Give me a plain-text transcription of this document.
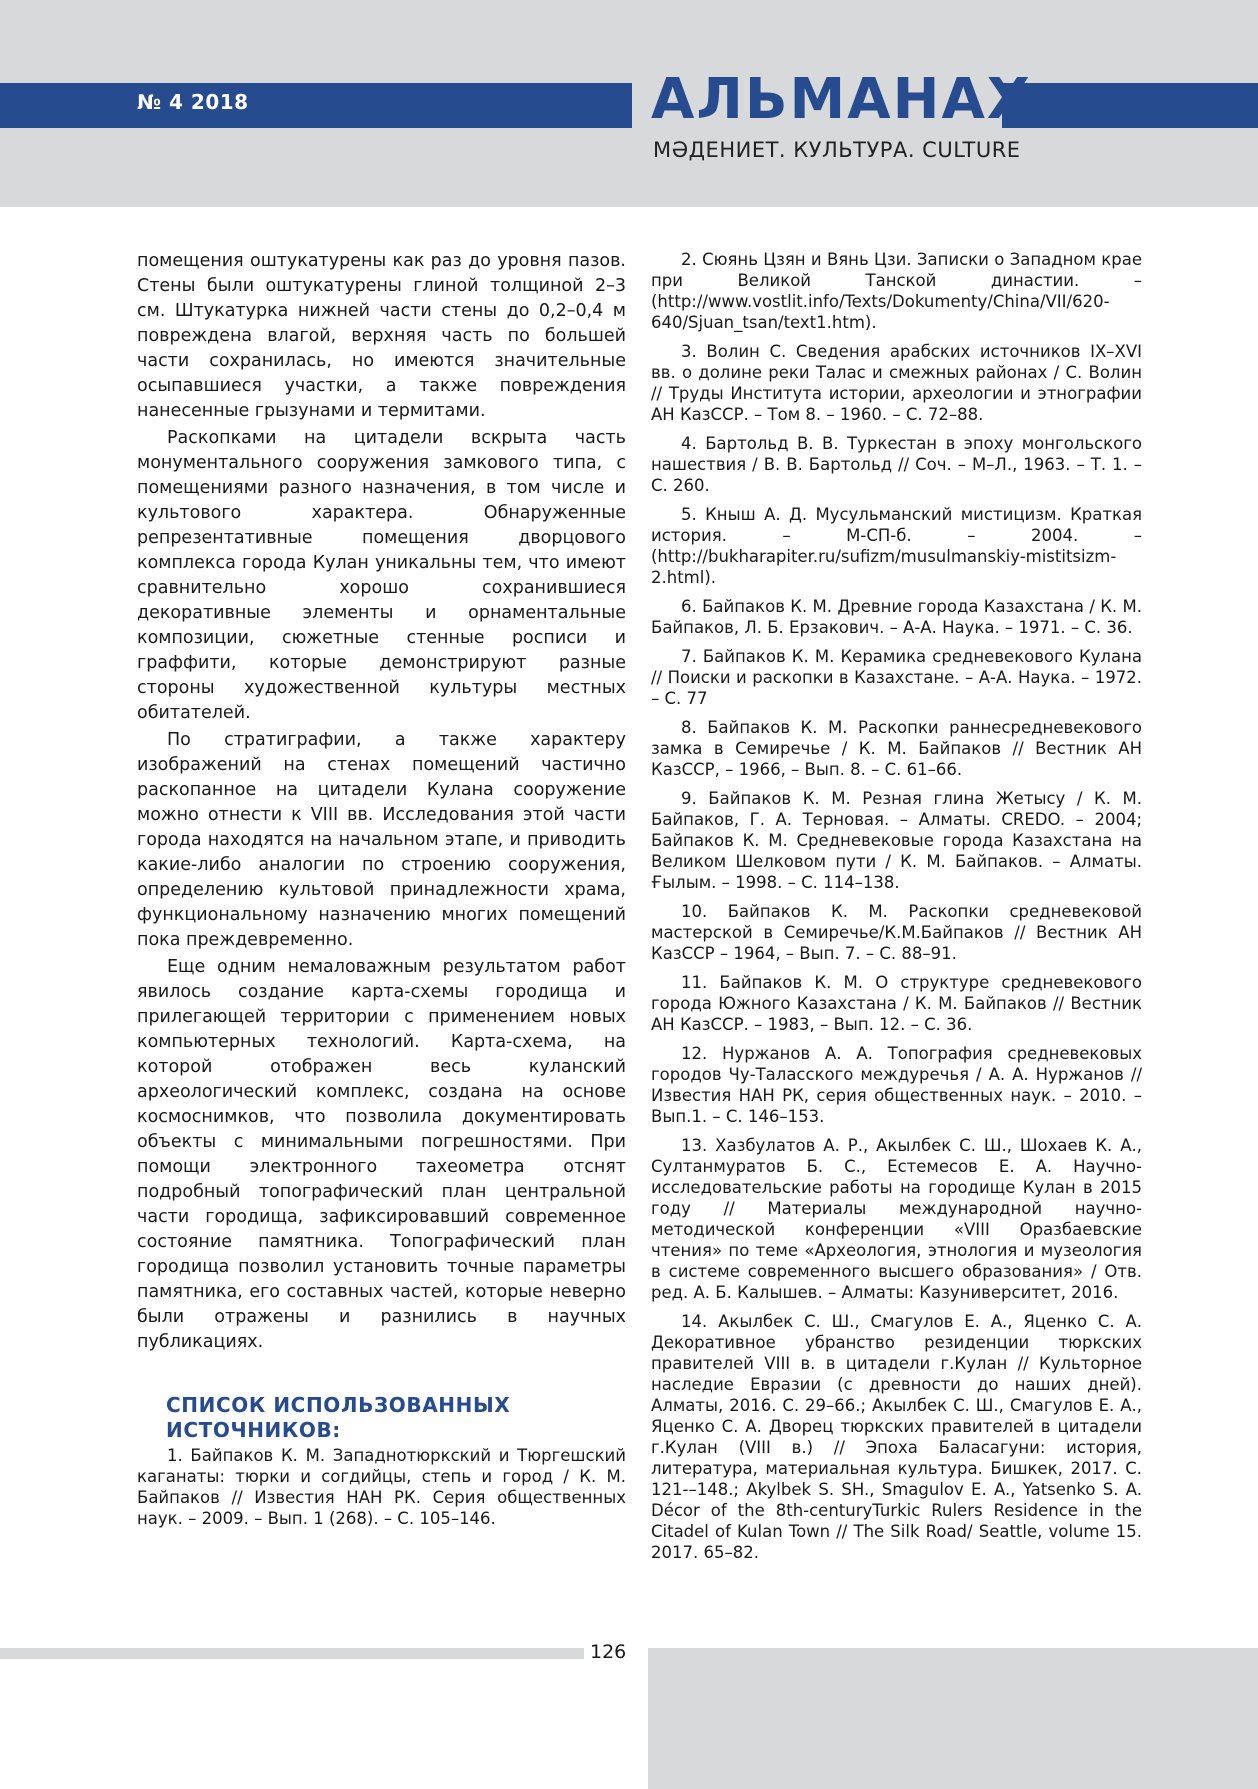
№ 4 2018	АЛЬМАНАХ
МӘДЕНИЕТ. КУЛЬТУРА. CULTURE

помещения оштукатурены как раз до уровня пазов. Стены были оштукатурены глиной толщиной 2–3 см. Штукатурка нижней части стены до 0,2–0,4 м повреждена влагой, верхняя часть по большей части сохранилась, но имеются значительные осыпавшиеся участки, а также повреждения нанесенные грызунами и термитами.

Раскопками на цитадели вскрыта часть монументального сооружения замкового типа, с помещениями разного назначения, в том числе и культового характера. Обнаруженные репрезентативные помещения дворцового комплекса города Кулан уникальны тем, что имеют сравнительно хорошо сохранившиеся декоративные элементы и орнаментальные композиции, сюжетные стенные росписи и граффити, которые демонстрируют разные стороны художественной культуры местных обитателей.

По стратиграфии, а также характеру изображений на стенах помещений частично раскопанное на цитадели Кулана сооружение можно отнести к VIII вв. Исследования этой части города находятся на начальном этапе, и приводить какие-либо аналогии по строению сооружения, определению культовой принадлежности храма, функциональному назначению многих помещений пока преждевременно.

Еще одним немаловажным результатом работ явилось создание карта-схемы городища и прилегающей территории с применением новых компьютерных технологий. Карта-схема, на которой отображен весь куланский археологический комплекс, создана на основе космоснимков, что позволила документировать объекты с минимальными погрешностями. При помощи электронного тахеометра отснят подробный топографический план центральной части городища, зафиксировавший современное состояние памятника. Топографический план городища позволил установить точные параметры памятника, его составных частей, которые неверно были отражены и разнились в научных публикациях.

СПИСОК ИСПОЛЬЗОВАННЫХ
ИСТОЧНИКОВ:

1. Байпаков К. М. Западнотюркский и Тюргешский каганаты: тюрки и согдийцы, степь и город / К. М. Байпаков // Известия НАН РК. Серия общественных наук. – 2009. – Вып. 1 (268). – С. 105–146.

2. Сюянь Цзян и Вянь Цзи. Записки о Западном крае при Великой Танской династии. – (http://www.vostlit.info/Texts/Dokumenty/China/VII/620-640/Sjuan_tsan/text1.htm).

3. Волин С. Сведения арабских источников IX–XVI вв. о долине реки Талас и смежных районах / С. Волин // Труды Института истории, археологии и этнографии АН КазССР. – Том 8. – 1960. – С. 72–88.

4. Бартольд В. В. Туркестан в эпоху монгольского нашествия / В. В. Бартольд // Соч. – М–Л., 1963. – Т. 1. – С. 260.

5. Кныш А. Д. Мусульманский мистицизм. Краткая история. – М-СП-б. – 2004. – (http://bukharapiter.ru/sufizm/musulmanskiy-mistitsizm-2.html).

6. Байпаков К. М. Древние города Казахстана / К. М. Байпаков, Л. Б. Ерзакович. – А-А. Наука. – 1971. – С. 36.

7. Байпаков К. М. Керамика средневекового Кулана // Поиски и раскопки в Казахстане. – А-А. Наука. – 1972. – С. 77

8. Байпаков К. М. Раскопки раннесредневекового замка в Семиречье / К. М. Байпаков // Вестник АН КазССР, – 1966, – Вып. 8. – С. 61–66.

9. Байпаков К. М. Резная глина Жетысу / К. М. Байпаков, Г. А. Терновая. – Алматы. CREDO. – 2004; Байпаков К. М. Средневековые города Казахстана на Великом Шелковом пути / К. М. Байпаков. – Алматы. Ғылым. – 1998. – С. 114–138.

10. Байпаков К. М. Раскопки средневековой мастерской в Семиречье/К.М.Байпаков // Вестник АН КазССР – 1964, – Вып. 7. – С. 88–91.

11. Байпаков К. М. О структуре средневекового города Южного Казахстана / К. М. Байпаков // Вестник АН КазССР. – 1983, – Вып. 12. – С. 36.

12. Нуржанов А. А. Топография средневековых городов Чу-Таласского междуречья / А. А. Нуржанов // Известия НАН РК, серия общественных наук. – 2010. – Вып.1. – С. 146–153.

13. Хазбулатов А. Р., Акылбек С. Ш., Шохаев К. А., Султанмуратов Б. С., Естемесов Е. А. Научно-исследовательские работы на городище Кулан в 2015 году // Материалы международной научно-методической конференции «VIII Оразбаевские чтения» по теме «Археология, этнология и музеология в системе современного высшего образования» / Отв. ред. А. Б. Калышев. – Алматы: Казуниверситет, 2016.

14. Акылбек С. Ш., Смагулов Е. А., Яценко С. А. Декоративное убранство резиденции тюркских правителей VIII в. в цитадели г.Кулан // Культорное наследие Евразии (с древности до наших дней). Алматы, 2016. С. 29–66.; Акылбек С. Ш., Смагулов Е. А., Яценко С. А. Дворец тюркских правителей в цитадели г.Кулан (VIII в.) // Эпоха Баласагуни: история, литература, материальная культура. Бишкек, 2017. С. 121-–148.; Akylbek S. SH., Smagulov E. A., Yatsenko S. A. Décor of the 8th-centuryTurkic Rulers Residence in the Citadel of Kulan Town // The Silk Road/ Seattle, volume 15. 2017. 65–82.

126
